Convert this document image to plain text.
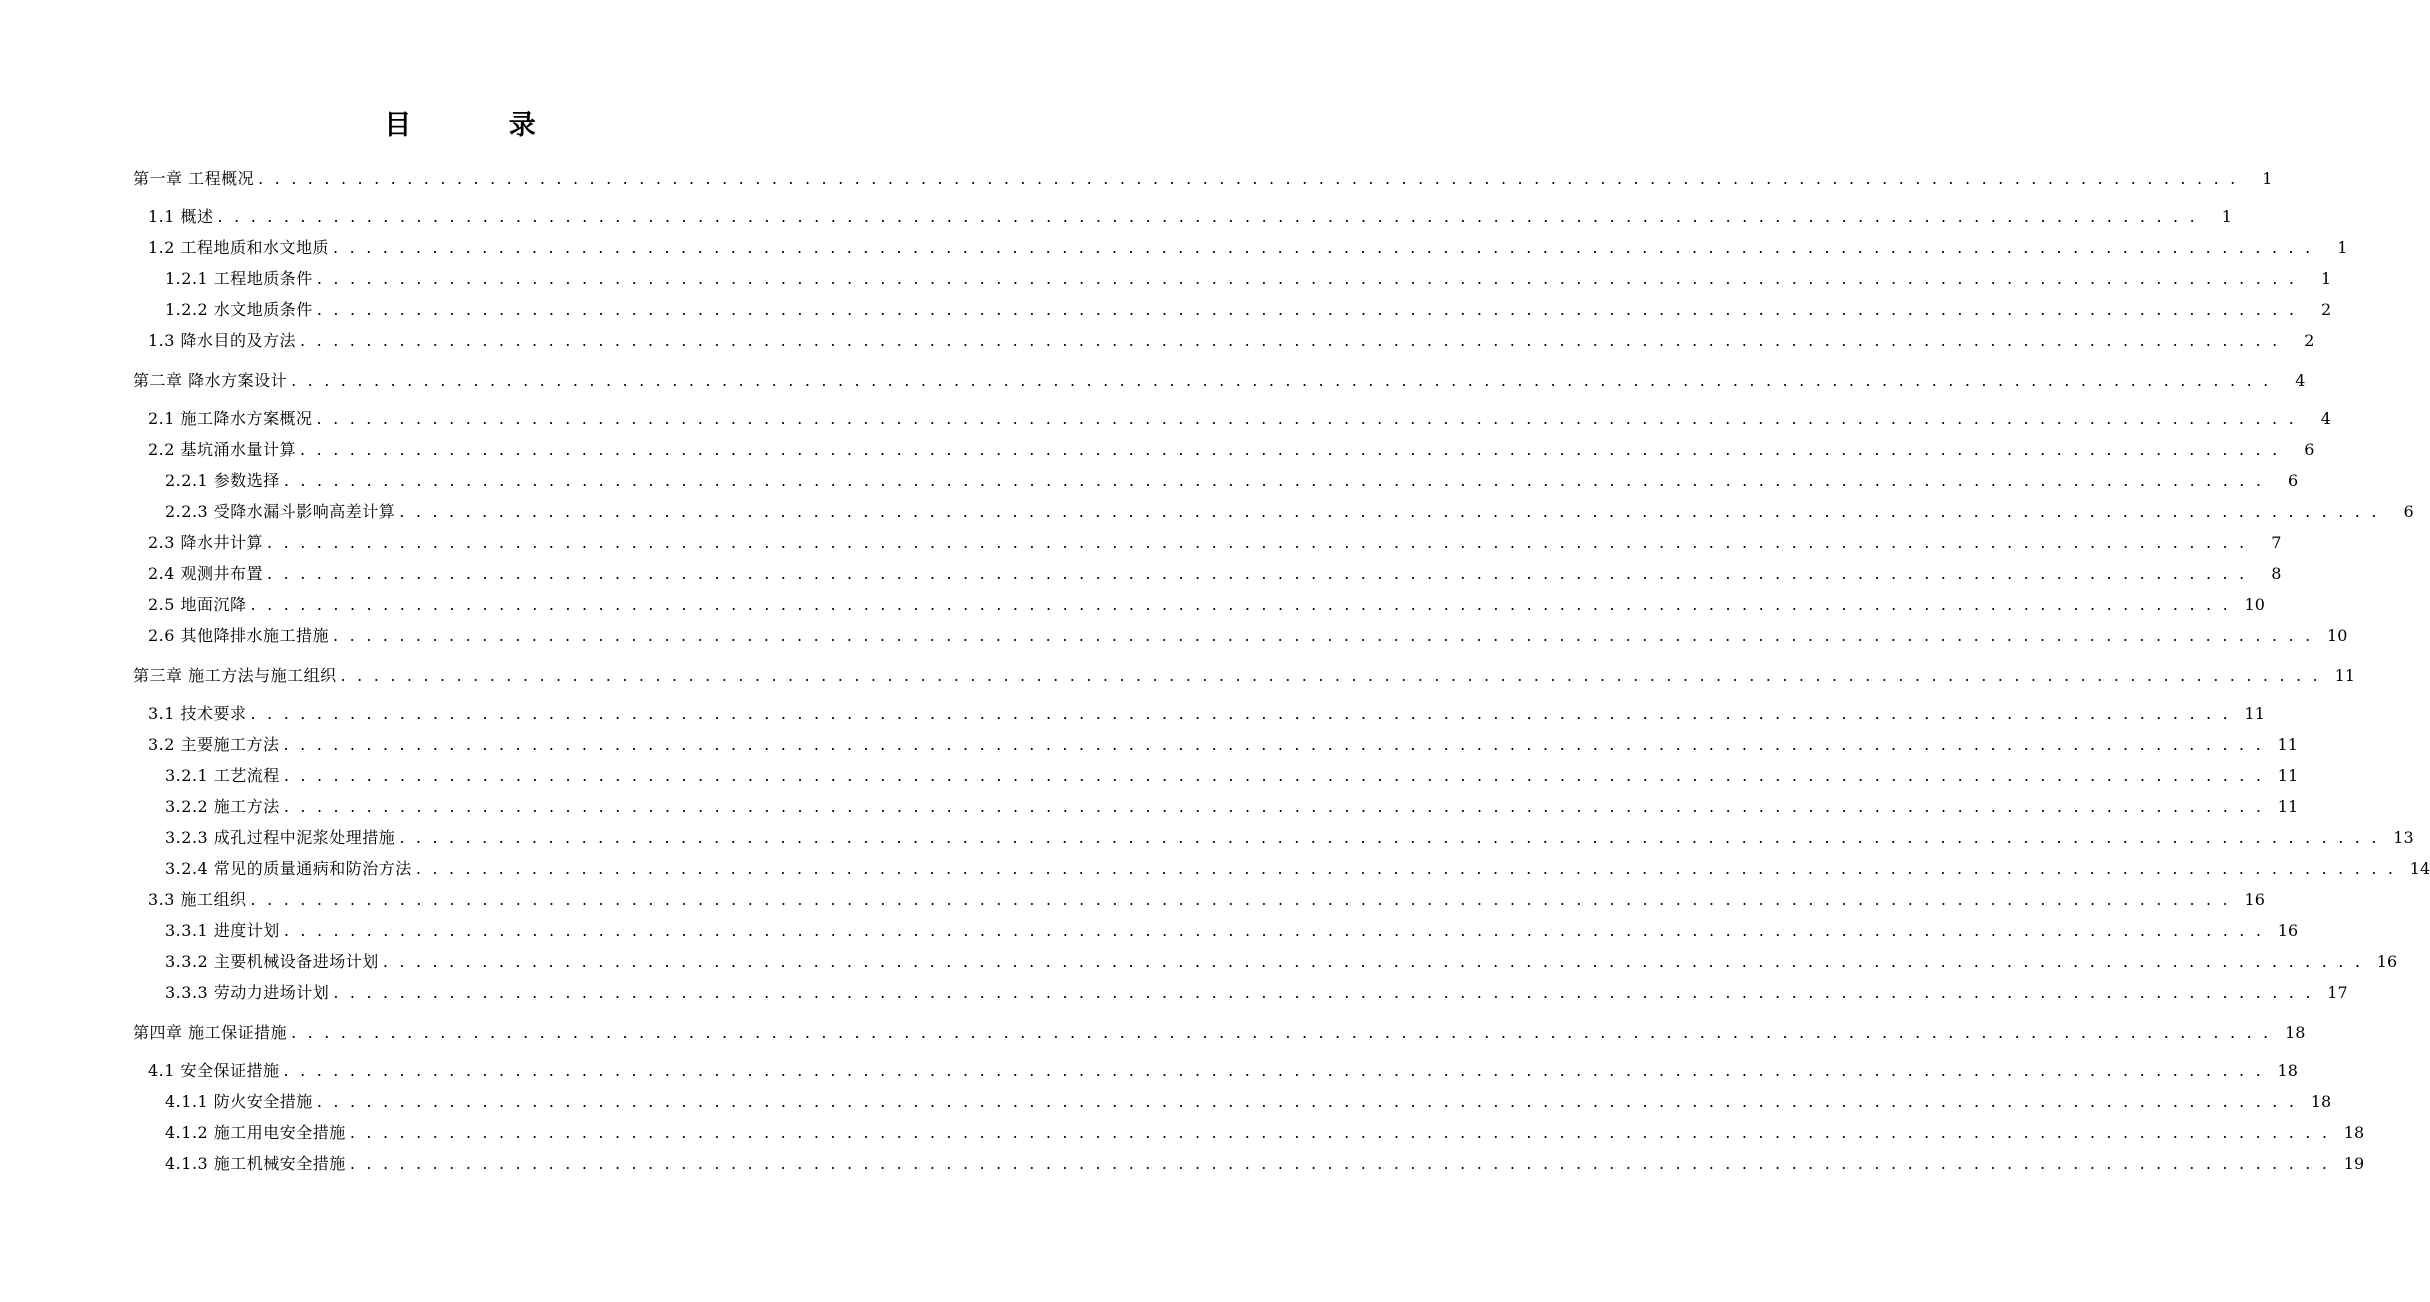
目 录
第一章 工程概况 . . . . . . . . . . . . . . . . . . . . . . . . . . . . . . . . . . . . . . . . . . . . . . . . . . . . . . . . . . . . . . . . . . . . . . . . . . . . . . . . . . . . . . . . . . . . . . . . . . . . . . . . . . . . . . . . . . . . . . . .	1
1.1 概述 . . . . . . . . . . . . . . . . . . . . . . . . . . . . . . . . . . . . . . . . . . . . . . . . . . . . . . . . . . . . . . . . . . . . . . . . . . . . . . . . . . . . . . . . . . . . . . . . . . . . . . . . . . . . . . . . . . . . . . . .	1
1.2 工程地质和水文地质 . . . . . . . . . . . . . . . . . . . . . . . . . . . . . . . . . . . . . . . . . . . . . . . . . . . . . . . . . . . . . . . . . . . . . . . . . . . . . . . . . . . . . . . . . . . . . . . . . . . . . . . . . . . . . . . . . . . . . . . .	1
1.2.1 工程地质条件 . . . . . . . . . . . . . . . . . . . . . . . . . . . . . . . . . . . . . . . . . . . . . . . . . . . . . . . . . . . . . . . . . . . . . . . . . . . . . . . . . . . . . . . . . . . . . . . . . . . . . . . . . . . . . . . . . . . . . . . .	1
1.2.2 水文地质条件 . . . . . . . . . . . . . . . . . . . . . . . . . . . . . . . . . . . . . . . . . . . . . . . . . . . . . . . . . . . . . . . . . . . . . . . . . . . . . . . . . . . . . . . . . . . . . . . . . . . . . . . . . . . . . . . . . . . . . . . .	2
1.3 降水目的及方法 . . . . . . . . . . . . . . . . . . . . . . . . . . . . . . . . . . . . . . . . . . . . . . . . . . . . . . . . . . . . . . . . . . . . . . . . . . . . . . . . . . . . . . . . . . . . . . . . . . . . . . . . . . . . . . . . . . . . . . . .	2
第二章 降水方案设计 . . . . . . . . . . . . . . . . . . . . . . . . . . . . . . . . . . . . . . . . . . . . . . . . . . . . . . . . . . . . . . . . . . . . . . . . . . . . . . . . . . . . . . . . . . . . . . . . . . . . . . . . . . . . . . . . . . . . . . . .	4
2.1 施工降水方案概况 . . . . . . . . . . . . . . . . . . . . . . . . . . . . . . . . . . . . . . . . . . . . . . . . . . . . . . . . . . . . . . . . . . . . . . . . . . . . . . . . . . . . . . . . . . . . . . . . . . . . . . . . . . . . . . . . . . . . . . . .	4
2.2 基坑涌水量计算 . . . . . . . . . . . . . . . . . . . . . . . . . . . . . . . . . . . . . . . . . . . . . . . . . . . . . . . . . . . . . . . . . . . . . . . . . . . . . . . . . . . . . . . . . . . . . . . . . . . . . . . . . . . . . . . . . . . . . . . .	6
2.2.1 参数选择 . . . . . . . . . . . . . . . . . . . . . . . . . . . . . . . . . . . . . . . . . . . . . . . . . . . . . . . . . . . . . . . . . . . . . . . . . . . . . . . . . . . . . . . . . . . . . . . . . . . . . . . . . . . . . . . . . . . . . . . .	6
2.2.3 受降水漏斗影响高差计算 . . . . . . . . . . . . . . . . . . . . . . . . . . . . . . . . . . . . . . . . . . . . . . . . . . . . . . . . . . . . . . . . . . . . . . . . . . . . . . . . . . . . . . . . . . . . . . . . . . . . . . . . . . . . . . . . . . . . . . . .	6
2.3 降水井计算 . . . . . . . . . . . . . . . . . . . . . . . . . . . . . . . . . . . . . . . . . . . . . . . . . . . . . . . . . . . . . . . . . . . . . . . . . . . . . . . . . . . . . . . . . . . . . . . . . . . . . . . . . . . . . . . . . . . . . . . .	7
2.4 观测井布置 . . . . . . . . . . . . . . . . . . . . . . . . . . . . . . . . . . . . . . . . . . . . . . . . . . . . . . . . . . . . . . . . . . . . . . . . . . . . . . . . . . . . . . . . . . . . . . . . . . . . . . . . . . . . . . . . . . . . . . . .	8
2.5 地面沉降 . . . . . . . . . . . . . . . . . . . . . . . . . . . . . . . . . . . . . . . . . . . . . . . . . . . . . . . . . . . . . . . . . . . . . . . . . . . . . . . . . . . . . . . . . . . . . . . . . . . . . . . . . . . . . . . . . . . . . . . . 10
2.6 其他降排水施工措施 . . . . . . . . . . . . . . . . . . . . . . . . . . . . . . . . . . . . . . . . . . . . . . . . . . . . . . . . . . . . . . . . . . . . . . . . . . . . . . . . . . . . . . . . . . . . . . . . . . . . . . . . . . . . . . . . . . . . . . . . 10
第三章 施工方法与施工组织 . . . . . . . . . . . . . . . . . . . . . . . . . . . . . . . . . . . . . . . . . . . . . . . . . . . . . . . . . . . . . . . . . . . . . . . . . . . . . . . . . . . . . . . . . . . . . . . . . . . . . . . . . . . . . . . . . . . . . . . . 11
3.1 技术要求 . . . . . . . . . . . . . . . . . . . . . . . . . . . . . . . . . . . . . . . . . . . . . . . . . . . . . . . . . . . . . . . . . . . . . . . . . . . . . . . . . . . . . . . . . . . . . . . . . . . . . . . . . . . . . . . . . . . . . . . . 11
3.2 主要施工方法 . . . . . . . . . . . . . . . . . . . . . . . . . . . . . . . . . . . . . . . . . . . . . . . . . . . . . . . . . . . . . . . . . . . . . . . . . . . . . . . . . . . . . . . . . . . . . . . . . . . . . . . . . . . . . . . . . . . . . . . . 11
3.2.1 工艺流程 . . . . . . . . . . . . . . . . . . . . . . . . . . . . . . . . . . . . . . . . . . . . . . . . . . . . . . . . . . . . . . . . . . . . . . . . . . . . . . . . . . . . . . . . . . . . . . . . . . . . . . . . . . . . . . . . . . . . . . . . 11
3.2.2 施工方法 . . . . . . . . . . . . . . . . . . . . . . . . . . . . . . . . . . . . . . . . . . . . . . . . . . . . . . . . . . . . . . . . . . . . . . . . . . . . . . . . . . . . . . . . . . . . . . . . . . . . . . . . . . . . . . . . . . . . . . . . 11
3.2.3 成孔过程中泥浆处理措施 . . . . . . . . . . . . . . . . . . . . . . . . . . . . . . . . . . . . . . . . . . . . . . . . . . . . . . . . . . . . . . . . . . . . . . . . . . . . . . . . . . . . . . . . . . . . . . . . . . . . . . . . . . . . . . . . . . . . . . . . 13
3.2.4 常见的质量通病和防治方法 . . . . . . . . . . . . . . . . . . . . . . . . . . . . . . . . . . . . . . . . . . . . . . . . . . . . . . . . . . . . . . . . . . . . . . . . . . . . . . . . . . . . . . . . . . . . . . . . . . . . . . . . . . . . . . . . . . . . . . . . 14
3.3 施工组织 . . . . . . . . . . . . . . . . . . . . . . . . . . . . . . . . . . . . . . . . . . . . . . . . . . . . . . . . . . . . . . . . . . . . . . . . . . . . . . . . . . . . . . . . . . . . . . . . . . . . . . . . . . . . . . . . . . . . . . . . 16
3.3.1 进度计划 . . . . . . . . . . . . . . . . . . . . . . . . . . . . . . . . . . . . . . . . . . . . . . . . . . . . . . . . . . . . . . . . . . . . . . . . . . . . . . . . . . . . . . . . . . . . . . . . . . . . . . . . . . . . . . . . . . . . . . . . 16
3.3.2 主要机械设备进场计划 . . . . . . . . . . . . . . . . . . . . . . . . . . . . . . . . . . . . . . . . . . . . . . . . . . . . . . . . . . . . . . . . . . . . . . . . . . . . . . . . . . . . . . . . . . . . . . . . . . . . . . . . . . . . . . . . . . . . . . . . 16
3.3.3 劳动力进场计划 . . . . . . . . . . . . . . . . . . . . . . . . . . . . . . . . . . . . . . . . . . . . . . . . . . . . . . . . . . . . . . . . . . . . . . . . . . . . . . . . . . . . . . . . . . . . . . . . . . . . . . . . . . . . . . . . . . . . . . . . 17
第四章 施工保证措施 . . . . . . . . . . . . . . . . . . . . . . . . . . . . . . . . . . . . . . . . . . . . . . . . . . . . . . . . . . . . . . . . . . . . . . . . . . . . . . . . . . . . . . . . . . . . . . . . . . . . . . . . . . . . . . . . . . . . . . . . 18
4.1 安全保证措施 . . . . . . . . . . . . . . . . . . . . . . . . . . . . . . . . . . . . . . . . . . . . . . . . . . . . . . . . . . . . . . . . . . . . . . . . . . . . . . . . . . . . . . . . . . . . . . . . . . . . . . . . . . . . . . . . . . . . . . . . 18
4.1.1 防火安全措施 . . . . . . . . . . . . . . . . . . . . . . . . . . . . . . . . . . . . . . . . . . . . . . . . . . . . . . . . . . . . . . . . . . . . . . . . . . . . . . . . . . . . . . . . . . . . . . . . . . . . . . . . . . . . . . . . . . . . . . . . 18
4.1.2 施工用电安全措施 . . . . . . . . . . . . . . . . . . . . . . . . . . . . . . . . . . . . . . . . . . . . . . . . . . . . . . . . . . . . . . . . . . . . . . . . . . . . . . . . . . . . . . . . . . . . . . . . . . . . . . . . . . . . . . . . . . . . . . . . 18
4.1.3 施工机械安全措施 . . . . . . . . . . . . . . . . . . . . . . . . . . . . . . . . . . . . . . . . . . . . . . . . . . . . . . . . . . . . . . . . . . . . . . . . . . . . . . . . . . . . . . . . . . . . . . . . . . . . . . . . . . . . . . . . . . . . . . . . 19
